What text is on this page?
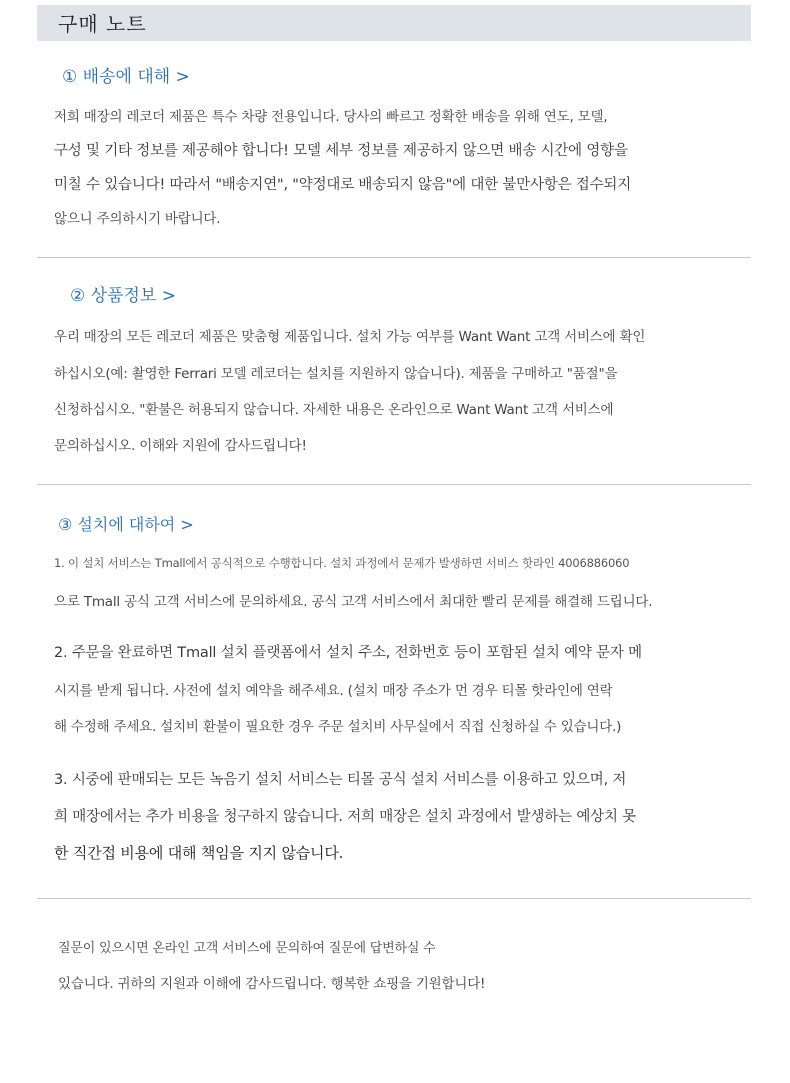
구매 노트
① 배송에 대해 >
저희 매장의 레코더 제품은 특수 차량 전용입니다. 당사의 빠르고 정확한 배송을 위해 연도, 모델,
구성 및 기타 정보를 제공해야 합니다! 모델 세부 정보를 제공하지 않으면 배송 시간에 영향을
미칠 수 있습니다! 따라서 "배송지연", "약정대로 배송되지 않음"에 대한 불만사항은 접수되지
않으니 주의하시기 바랍니다.
② 상품정보 >
우리 매장의 모든 레코더 제품은 맞춤형 제품입니다. 설치 가능 여부를 Want Want 고객 서비스에 확인
하십시오(예: 촬영한 Ferrari 모델 레코더는 설치를 지원하지 않습니다). 제품을 구매하고 "품절"을
신청하십시오. "환불은 허용되지 않습니다. 자세한 내용은 온라인으로 Want Want 고객 서비스에
문의하십시오. 이해와 지원에 감사드립니다!
③ 설치에 대하여 >
1. 이 설치 서비스는 Tmall에서 공식적으로 수행합니다. 설치 과정에서 문제가 발생하면 서비스 핫라인 4006886060
으로 Tmall 공식 고객 서비스에 문의하세요. 공식 고객 서비스에서 최대한 빨리 문제를 해결해 드립니다.
2. 주문을 완료하면 Tmall 설치 플랫폼에서 설치 주소, 전화번호 등이 포함된 설치 예약 문자 메
시지를 받게 됩니다. 사전에 설치 예약을 해주세요. (설치 매장 주소가 먼 경우 티몰 핫라인에 연락
해 수정해 주세요. 설치비 환불이 필요한 경우 주문 설치비 사무실에서 직접 신청하실 수 있습니다.)
3. 시중에 판매되는 모든 녹음기 설치 서비스는 티몰 공식 설치 서비스를 이용하고 있으며, 저
희 매장에서는 추가 비용을 청구하지 않습니다. 저희 매장은 설치 과정에서 발생하는 예상치 못
한 직간접 비용에 대해 책임을 지지 않습니다.
질문이 있으시면 온라인 고객 서비스에 문의하여 질문에 답변하실 수
있습니다. 귀하의 지원과 이해에 감사드립니다. 행복한 쇼핑을 기원합니다!
